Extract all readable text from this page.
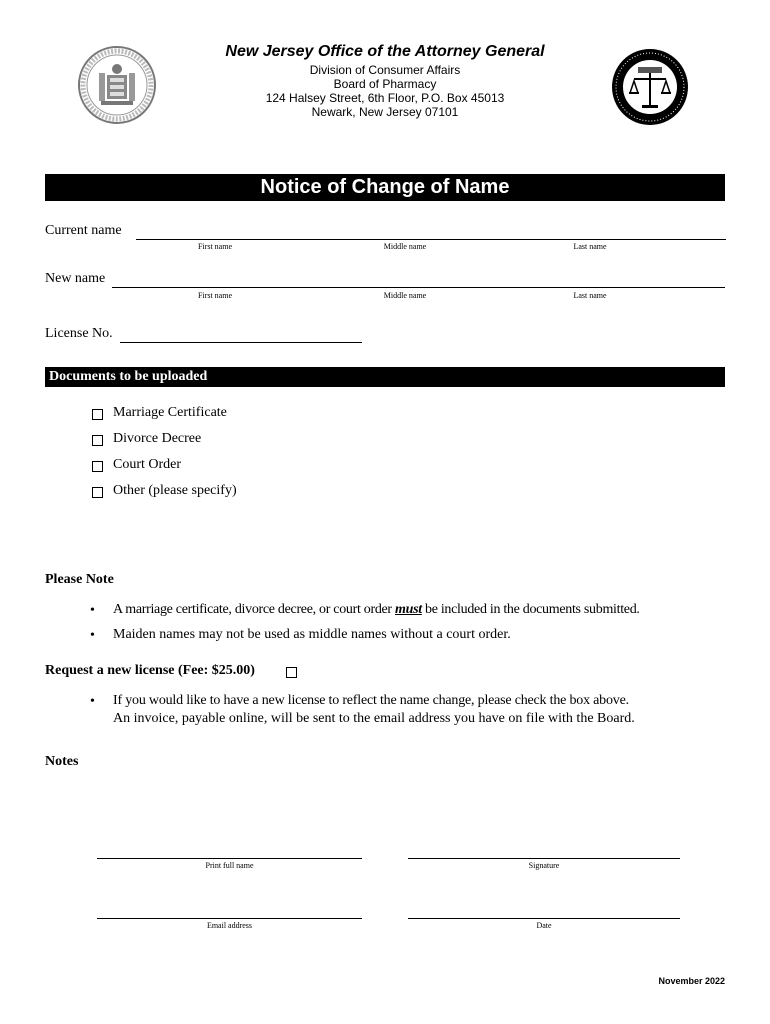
New Jersey Office of the Attorney General
Division of Consumer Affairs
Board of Pharmacy
124 Halsey Street, 6th Floor, P.O. Box 45013
Newark, New Jersey 07101
Notice of Change of Name
Current name
First name	Middle name	Last name
New name
First name	Middle name	Last name
License No.
Documents to be uploaded
Marriage Certificate
Divorce Decree
Court Order
Other (please specify)
Please Note
• A marriage certificate, divorce decree, or court order must be included in the documents submitted.
• Maiden names may not be used as middle names without a court order.
Request a new license (Fee: $25.00)
• If you would like to have a new license to reflect the name change, please check the box above.
An invoice, payable online, will be sent to the email address you have on file with the Board.
Notes
Print full name	Signature
Email address	Date
November 2022
